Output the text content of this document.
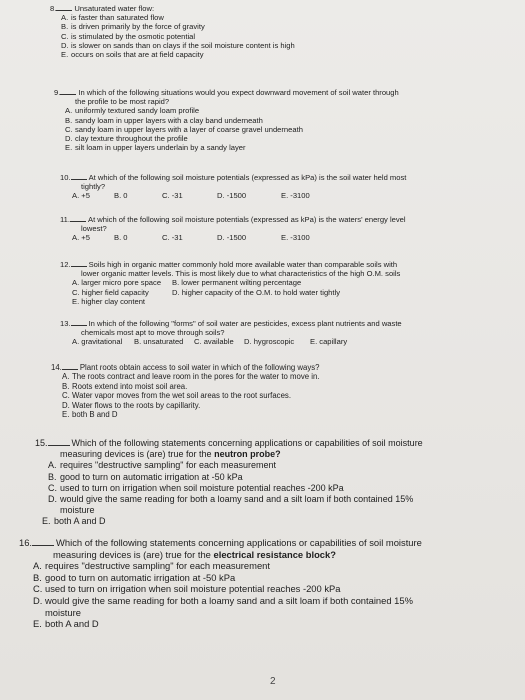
8. Unsaturated water flow:
A. is faster than saturated flow
B. is driven primarily by the force of gravity
C. is stimulated by the osmotic potential
D. is slower on sands than on clays if the soil moisture content is high
E. occurs on soils that are at field capacity
9. In which of the following situations would you expect downward movement of soil water through
the profile to be most rapid?
A. uniformly textured sandy loam profile
B. sandy loam in upper layers with a clay band underneath
C. sandy loam in upper layers with a layer of coarse gravel underneath
D. clay texture throughout the profile
E. silt loam in upper layers underlain by a sandy layer
10. At which of the following soil moisture potentials (expressed as kPa) is the soil water held most
tightly?
A. +5	B. 0	C. -31	D. -1500	E. -3100
11. At which of the following soil moisture potentials (expressed as kPa) is the waters' energy level
lowest?
A. +5	B. 0	C. -31	D. -1500	E. -3100
12. Soils high in organic matter commonly hold more available water than comparable soils with
lower organic matter levels. This is most likely due to what characteristics of the high O.M. soils
A. larger micro pore space B. lower permanent wilting percentage
C. higher field capacity	D. higher capacity of the O.M. to hold water tightly
E. higher clay content
13. In which of the following "forms" of soil water are pesticides, excess plant nutrients and waste
chemicals most apt to move through soils?
A. gravitational B. unsaturated C. available D. hygroscopic E. capillary
14. Plant roots obtain access to soil water in which of the following ways?
A. The roots contract and leave room in the pores for the water to move in.
B. Roots extend into moist soil area.
C. Water vapor moves from the wet soil areas to the root surfaces.
D. Water flows to the roots by capillarity.
E. both B and D
15.	Which of the following statements concerning applications or capabilities of soil moisture
measuring devices is (are) true for the neutron probe?
A. requires "destructive sampling" for each measurement
B. good to turn on automatic irrigation at -50 kPa
C. used to turn on irrigation when soil moisture potential reaches -200 kPa
D. would give the same reading for both a loamy sand and a silt loam if both contained 15%
moisture
E. both A and D
16.	Which of the following statements concerning applications or capabilities of soil moisture
measuring devices is (are) true for the electrical resistance block?
A. requires "destructive sampling" for each measurement
B. good to turn on automatic irrigation at -50 kPa
C. used to turn on irrigation when soil moisture potential reaches -200 kPa
D. would give the same reading for both a loamy sand and a silt loam if both contained 15%
moisture
E. both A and D
2
